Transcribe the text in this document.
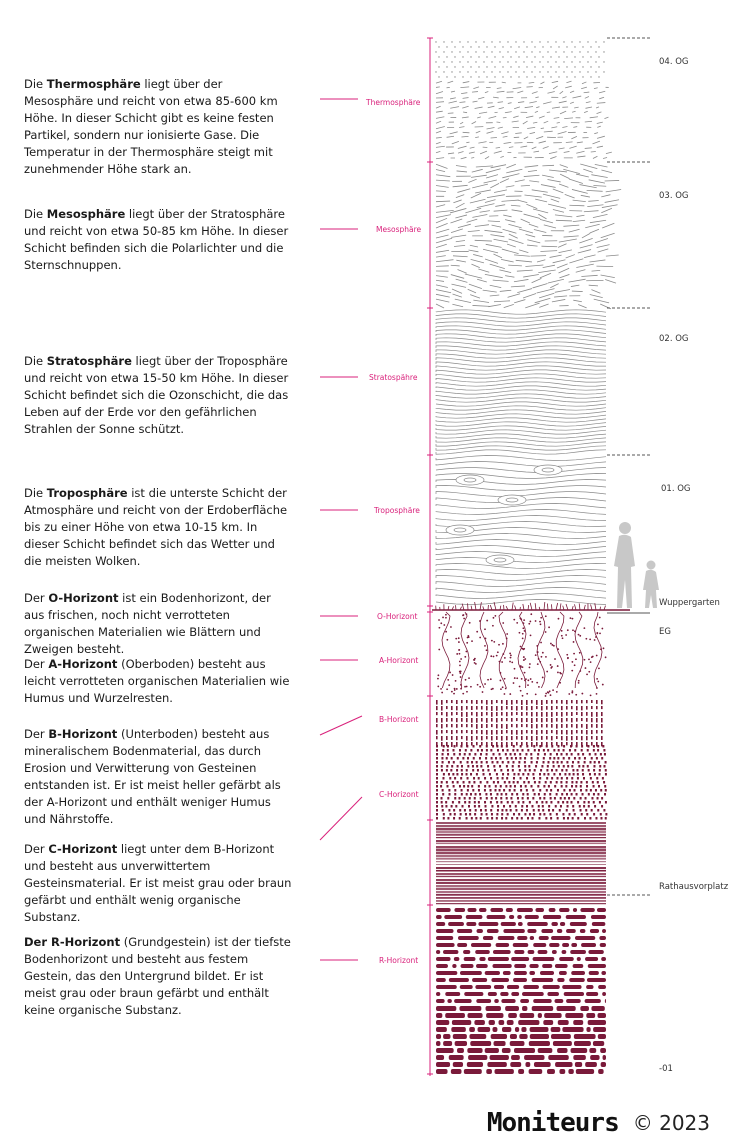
Die Thermosphäre liegt über der Mesosphäre und reicht von etwa 85-600 km Höhe. In dieser Schicht gibt es keine festen Partikel, sondern nur ionisierte Gase. Die Temperatur in der Thermosphäre steigt mit zunehmender Höhe stark an.

Die Mesosphäre liegt über der Stratosphäre und reicht von etwa 50-85 km Höhe. In dieser Schicht befinden sich die Polarlichter und die Sternschnuppen.

Die Stratosphäre liegt über der Troposphäre und reicht von etwa 15-50 km Höhe. In dieser Schicht befindet sich die Ozonschicht, die das Leben auf der Erde vor den gefährlichen Strahlen der Sonne schützt.

Die Troposphäre ist die unterste Schicht der Atmosphäre und reicht von der Erdoberfläche bis zu einer Höhe von etwa 10-15 km. In dieser Schicht befindet sich das Wetter und die meisten Wolken.

Der O-Horizont ist ein Bodenhorizont, der aus frischen, noch nicht verrotteten organischen Materialien wie Blättern und Zweigen besteht.

Der A-Horizont (Oberboden) besteht aus leicht verrotteten organischen Materialien wie Humus und Wurzelresten.

Der B-Horizont (Unterboden) besteht aus mineralischem Bodenmaterial, das durch Erosion und Verwitterung von Gesteinen entstanden ist. Er ist meist heller gefärbt als der A-Horizont und enthält weniger Humus und Nährstoffe.

Der C-Horizont liegt unter dem B-Horizont und besteht aus unverwittertem Gesteinsmaterial. Er ist meist grau oder braun gefärbt und enthält wenig organische Substanz.

Der R-Horizont (Grundgestein) ist der tiefste Bodenhorizont und besteht aus festem Gestein, das den Untergrund bildet. Er ist meist grau oder braun gefärbt und enthält keine organische Substanz.

Thermosphäre
Mesosphäre
Stratospähre
Troposphäre
O-Horizont
A-Horizont
B-Horizont
C-Horizont
R-Horizont
04. OG
03. OG
02. OG
01. OG
Wuppergarten
EG
Rathausvorplatz
-01
Moniteurs © 2023
